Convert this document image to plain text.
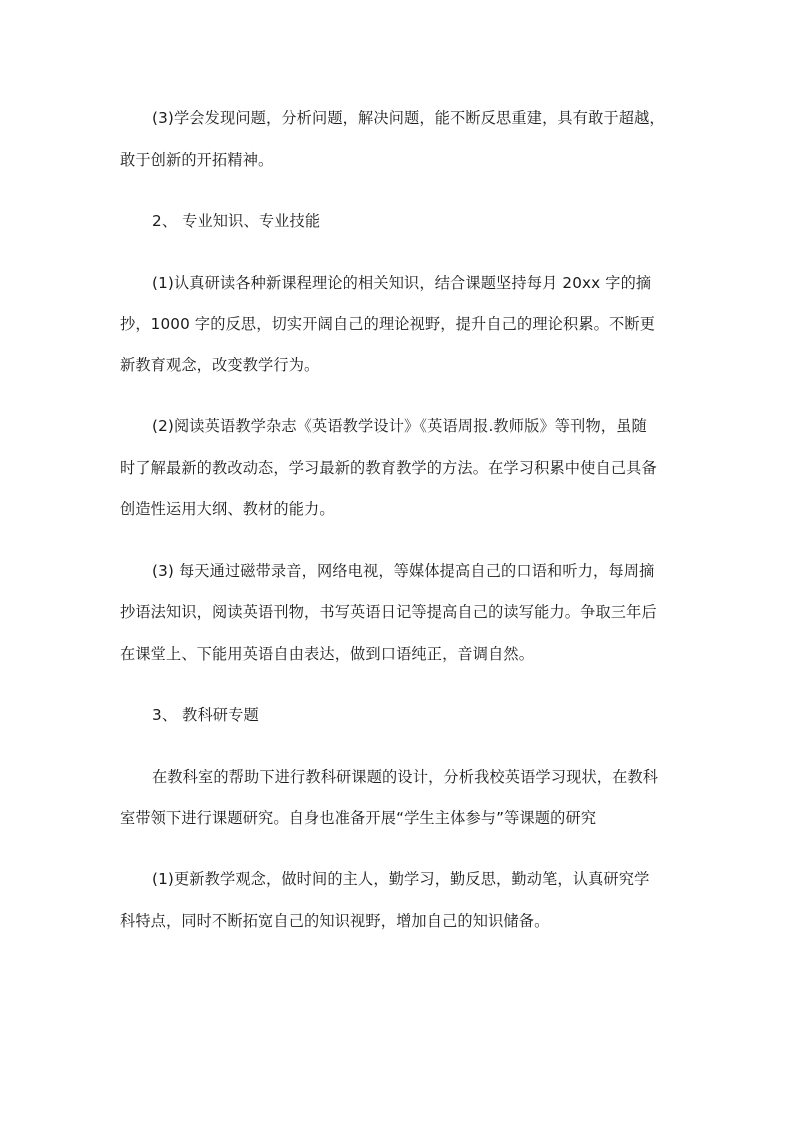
(3)学会发现问题，分析问题，解决问题，能不断反思重建，具有敢于超越，
敢于创新的开拓精神。
2、 专业知识、专业技能
(1)认真研读各种新课程理论的相关知识，结合课题坚持每月 20xx 字的摘
抄，1000 字的反思，切实开阔自己的理论视野，提升自己的理论积累。不断更
新教育观念，改变教学行为。
(2)阅读英语教学杂志《英语教学设计》《英语周报.教师版》等刊物，虽随
时了解最新的教改动态，学习最新的教育教学的方法。在学习积累中使自己具备
创造性运用大纲、教材的能力。
(3) 每天通过磁带录音，网络电视，等媒体提高自己的口语和听力，每周摘
抄语法知识，阅读英语刊物，书写英语日记等提高自己的读写能力。争取三年后
在课堂上、下能用英语自由表达，做到口语纯正，音调自然。
3、 教科研专题
在教科室的帮助下进行教科研课题的设计，分析我校英语学习现状，在教科
室带领下进行课题研究。自身也准备开展“学生主体参与”等课题的研究
(1)更新教学观念，做时间的主人，勤学习，勤反思，勤动笔，认真研究学
科特点，同时不断拓宽自己的知识视野，增加自己的知识储备。
